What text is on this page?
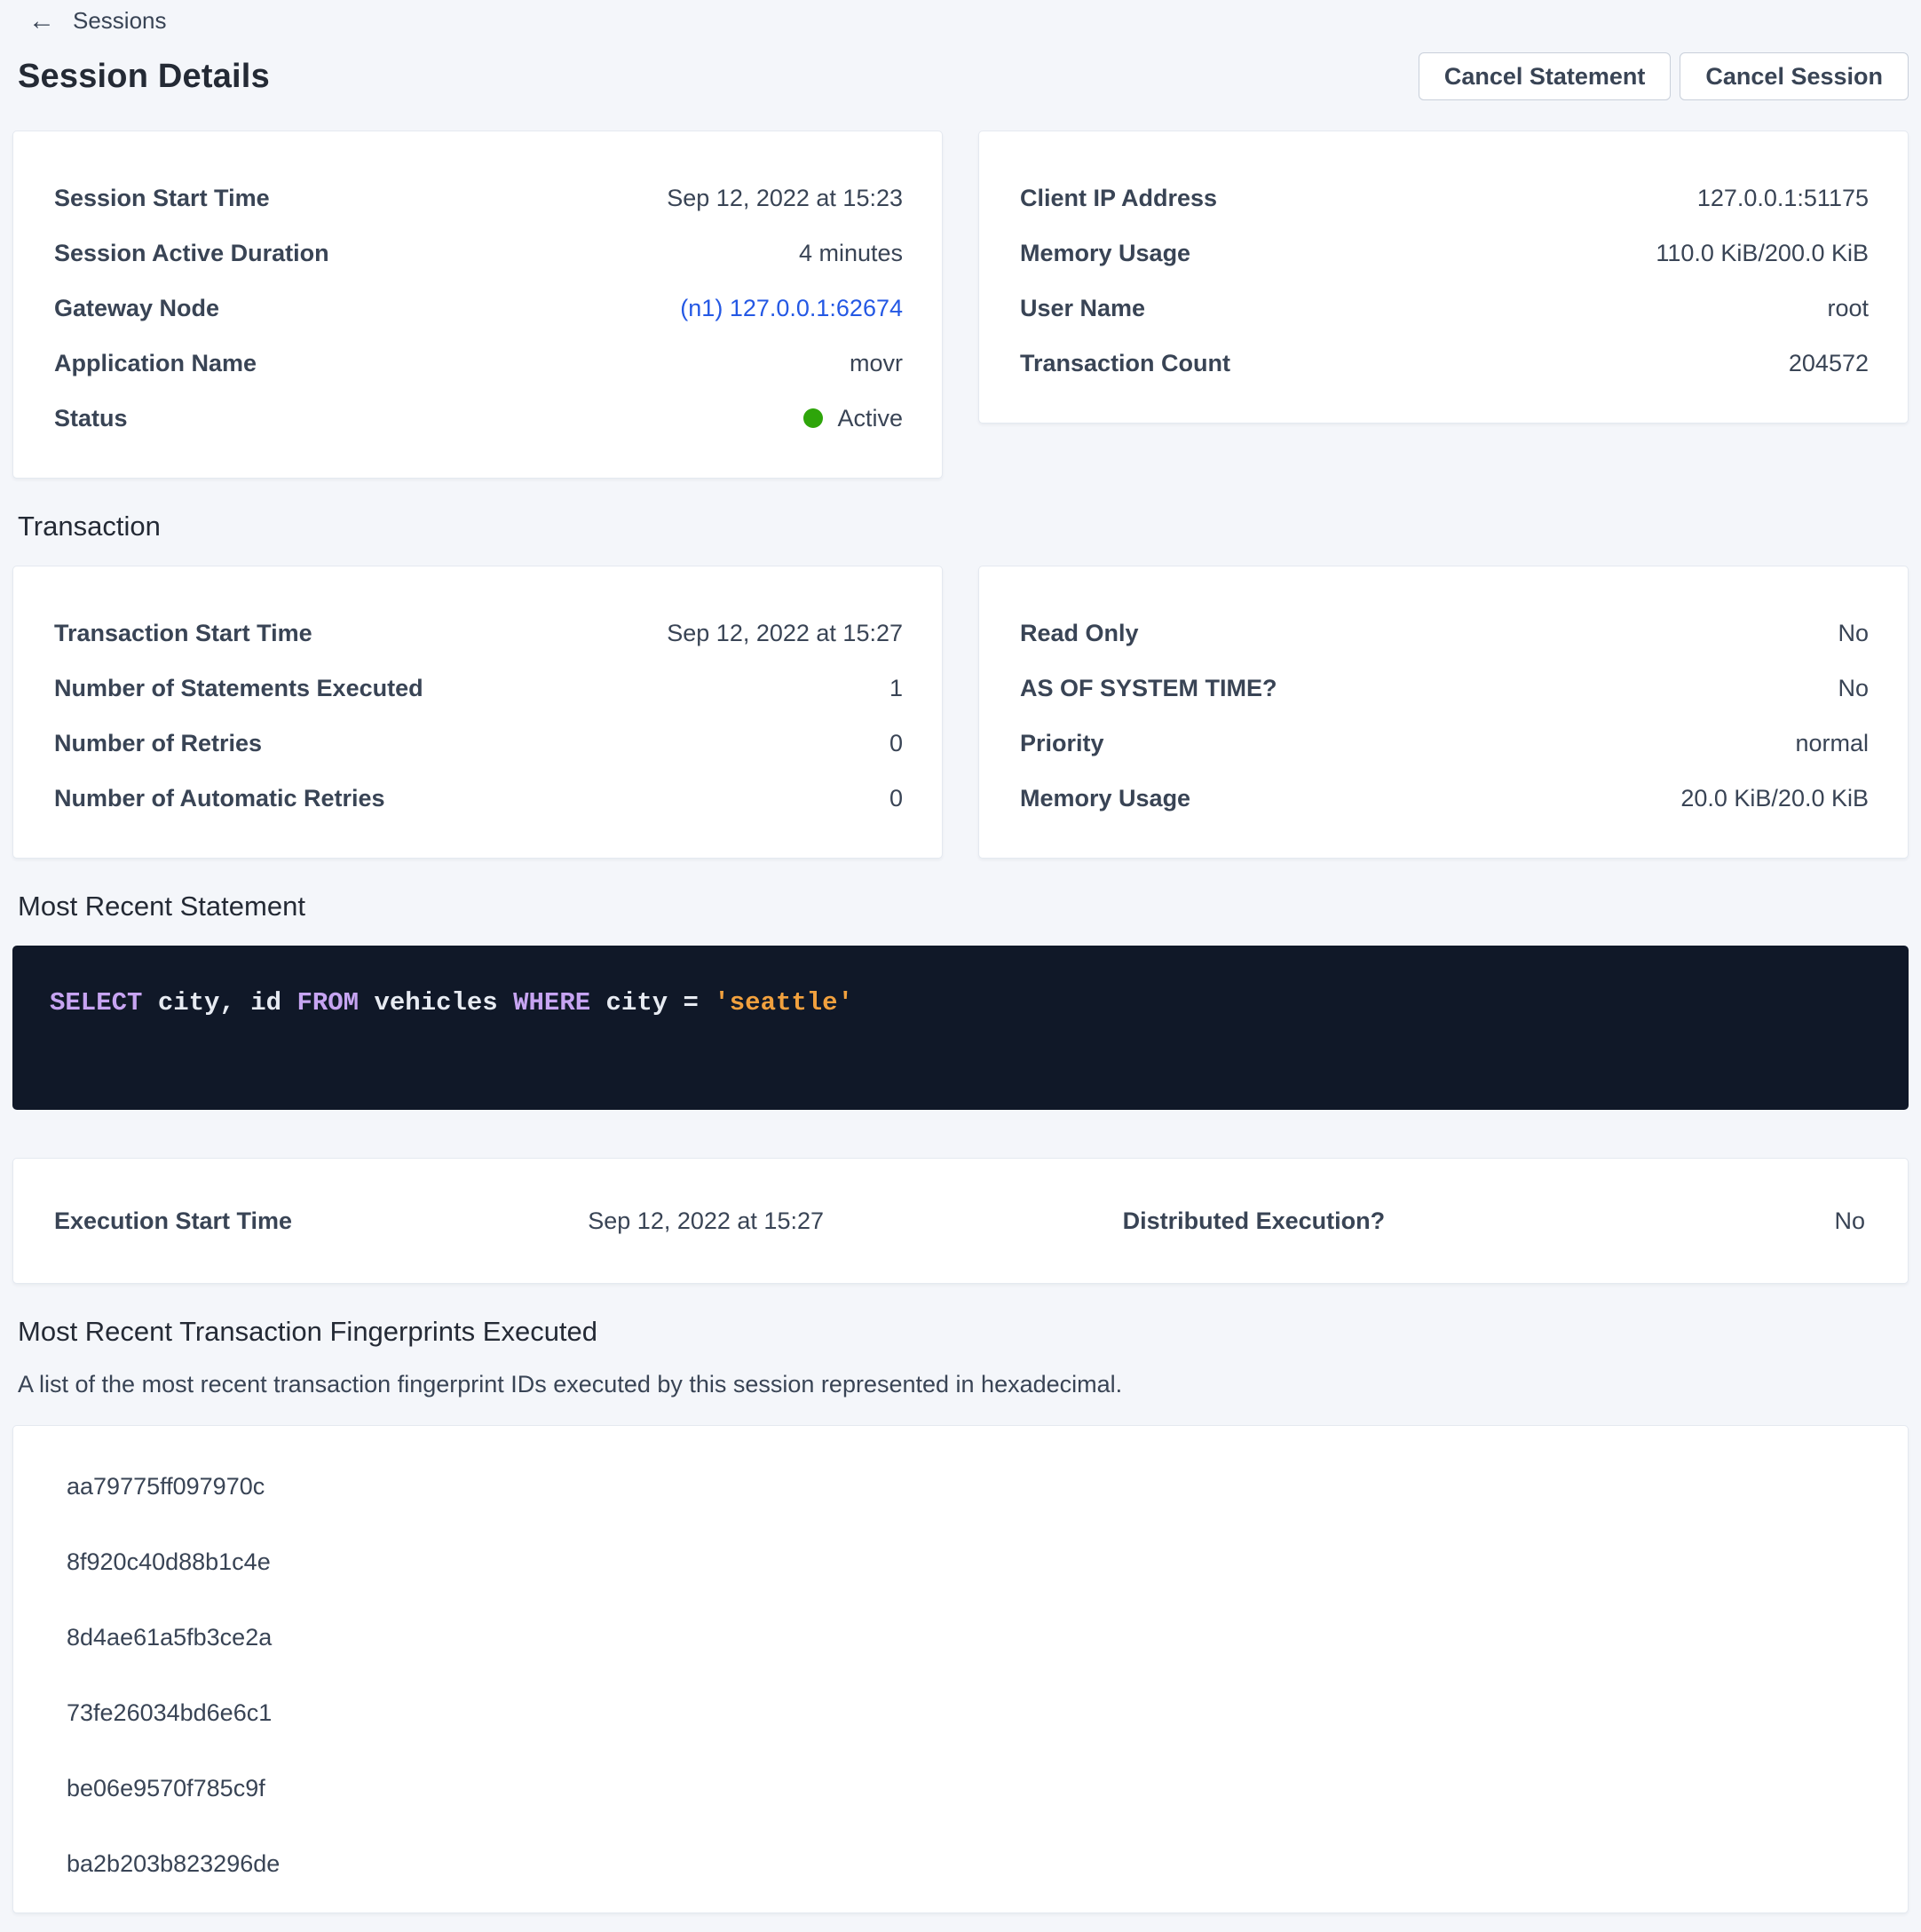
← Sessions
Session Details	Cancel Statement	Cancel Session
Session Start Time	Sep 12, 2022 at 15:23
Session Active Duration	4 minutes
Gateway Node	(n1) 127.0.0.1:62674
Application Name	movr
Status	Active
Client IP Address	127.0.0.1:51175
Memory Usage	110.0 KiB/200.0 KiB
User Name	root
Transaction Count	204572
Transaction
Transaction Start Time	Sep 12, 2022 at 15:27
Number of Statements Executed	1
Number of Retries	0
Number of Automatic Retries	0
Read Only	No
AS OF SYSTEM TIME?	No
Priority	normal
Memory Usage	20.0 KiB/20.0 KiB
Most Recent Statement
SELECT city, id FROM vehicles WHERE city = 'seattle'
Execution Start Time	Sep 12, 2022 at 15:27	Distributed Execution?	No
Most Recent Transaction Fingerprints Executed

A list of the most recent transaction fingerprint IDs executed by this session represented in hexadecimal.

aa79775ff097970c
8f920c40d88b1c4e
8d4ae61a5fb3ce2a
73fe26034bd6e6c1
be06e9570f785c9f
ba2b203b823296de
